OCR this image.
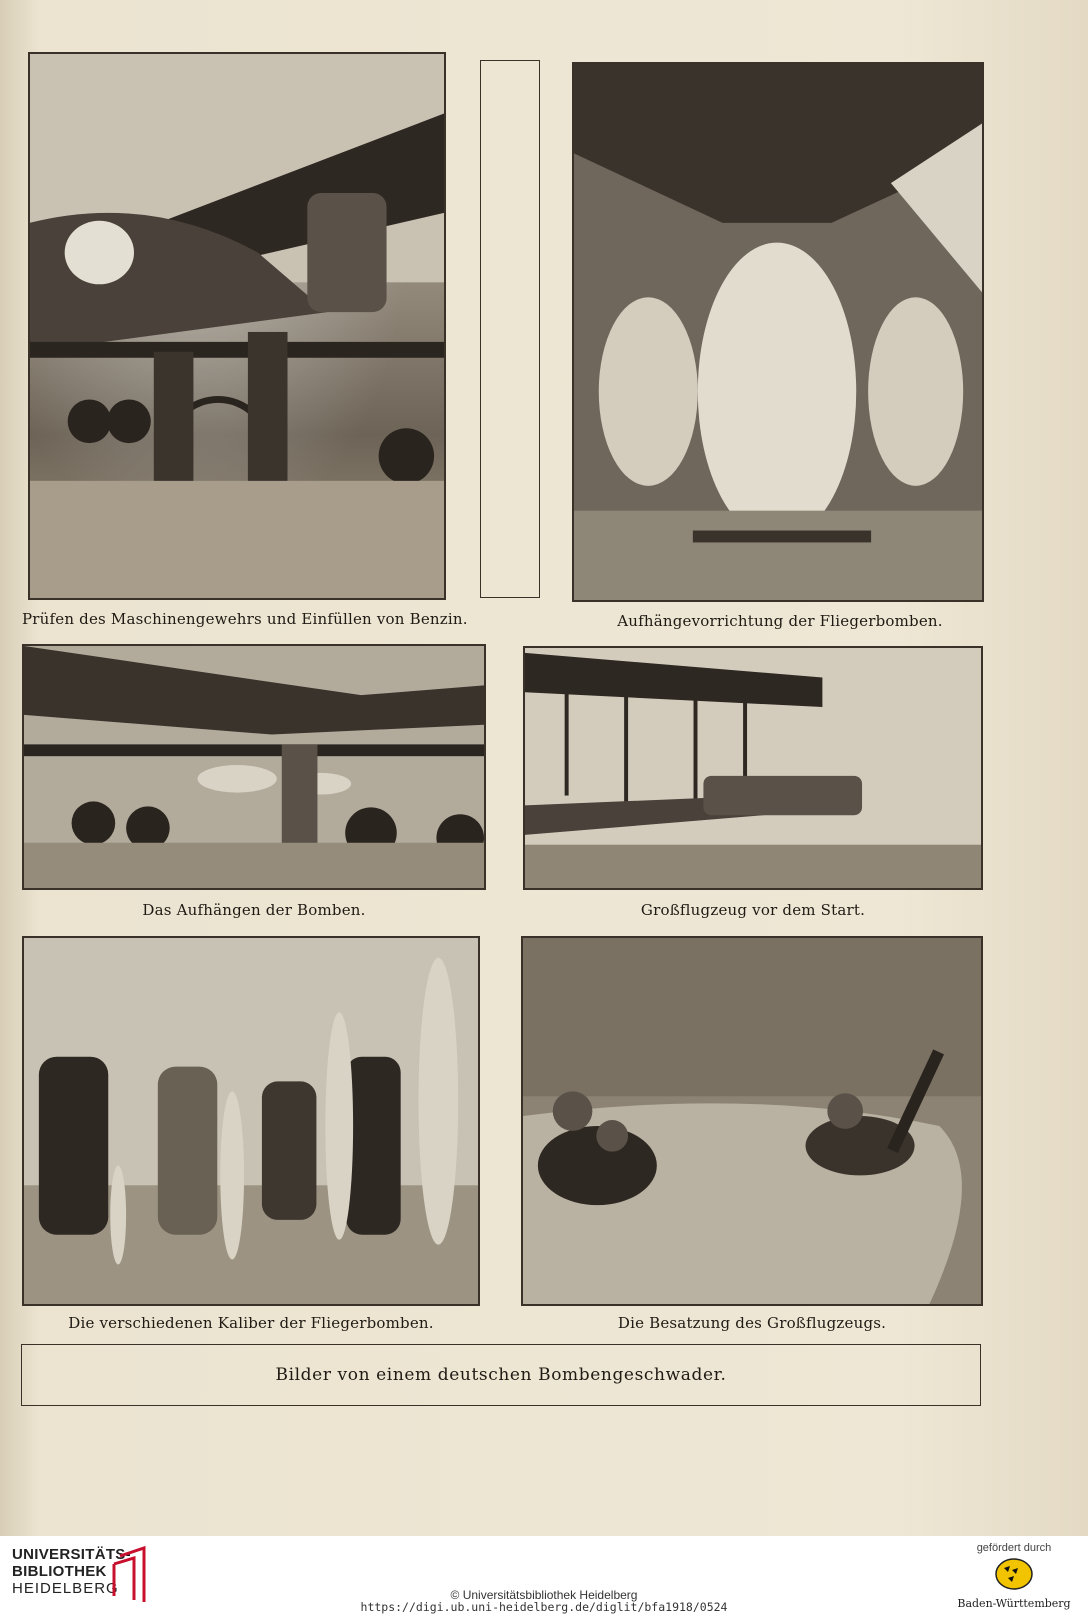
Prüfen des Maschinengewehrs und Einfüllen von Benzin.	Aufhängevorrichtung der Fliegerbomben.
Das Aufhängen der Bomben.	Großflugzeug vor dem Start.
Die verschiedenen Kaliber der Fliegerbomben.	Die Besatzung des Großflugzeugs.
Bilder von einem deutschen Bombengeschwader.
UNIVERSITÄTS-
BIBLIOTHEK
HEIDELBERG	© Universitätsbibliothek Heidelberg
https://digi.ub.uni-heidelberg.de/diglit/bfa1918/0524
gefördert durch
Baden-Württemberg
